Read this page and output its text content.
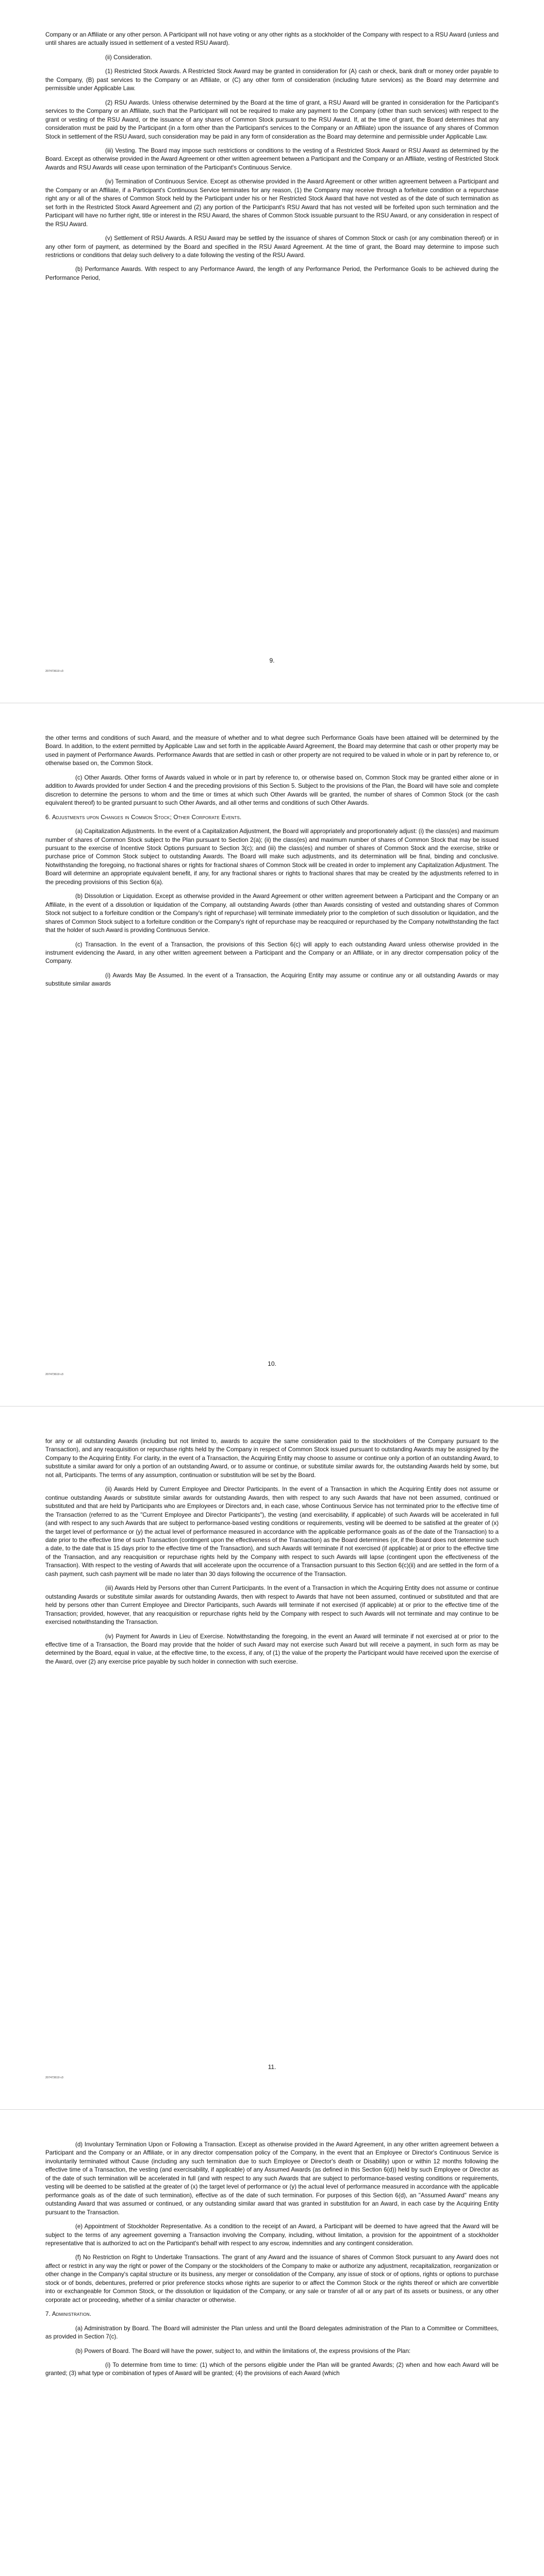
Company or an Affiliate or any other person. A Participant will not have voting or any other rights as a stockholder of the Company with respect to a RSU Award (unless and until shares are actually issued in settlement of a vested RSU Award).

(ii) Consideration.

(1) Restricted Stock Awards. A Restricted Stock Award may be granted in consideration for (A) cash or check, bank draft or money order payable to the Company, (B) past services to the Company or an Affiliate, or (C) any other form of consideration (including future services) as the Board may determine and permissible under Applicable Law.

(2) RSU Awards. Unless otherwise determined by the Board at the time of grant, a RSU Award will be granted in consideration for the Participant's services to the Company or an Affiliate, such that the Participant will not be required to make any payment to the Company (other than such services) with respect to the grant or vesting of the RSU Award, or the issuance of any shares of Common Stock pursuant to the RSU Award. If, at the time of grant, the Board determines that any consideration must be paid by the Participant (in a form other than the Participant's services to the Company or an Affiliate) upon the issuance of any shares of Common Stock in settlement of the RSU Award, such consideration may be paid in any form of consideration as the Board may determine and permissible under Applicable Law.

(iii) Vesting. The Board may impose such restrictions or conditions to the vesting of a Restricted Stock Award or RSU Award as determined by the Board. Except as otherwise provided in the Award Agreement or other written agreement between a Participant and the Company or an Affiliate, vesting of Restricted Stock Awards and RSU Awards will cease upon termination of the Participant's Continuous Service.

(iv) Termination of Continuous Service. Except as otherwise provided in the Award Agreement or other written agreement between a Participant and the Company or an Affiliate, if a Participant's Continuous Service terminates for any reason, (1) the Company may receive through a forfeiture condition or a repurchase right any or all of the shares of Common Stock held by the Participant under his or her Restricted Stock Award that have not vested as of the date of such termination as set forth in the Restricted Stock Award Agreement and (2) any portion of the Participant's RSU Award that has not vested will be forfeited upon such termination and the Participant will have no further right, title or interest in the RSU Award, the shares of Common Stock issuable pursuant to the RSU Award, or any consideration in respect of the RSU Award.

(v) Settlement of RSU Awards. A RSU Award may be settled by the issuance of shares of Common Stock or cash (or any combination thereof) or in any other form of payment, as determined by the Board and specified in the RSU Award Agreement. At the time of grant, the Board may determine to impose such restrictions or conditions that delay such delivery to a date following the vesting of the RSU Award.

(b) Performance Awards. With respect to any Performance Award, the length of any Performance Period, the Performance Goals to be achieved during the Performance Period,

9.
207473619 v3

the other terms and conditions of such Award, and the measure of whether and to what degree such Performance Goals have been attained will be determined by the Board. In addition, to the extent permitted by Applicable Law and set forth in the applicable Award Agreement, the Board may determine that cash or other property may be used in payment of Performance Awards. Performance Awards that are settled in cash or other property are not required to be valued in whole or in part by reference to, or otherwise based on, the Common Stock.

(c) Other Awards. Other forms of Awards valued in whole or in part by reference to, or otherwise based on, Common Stock may be granted either alone or in addition to Awards provided for under Section 4 and the preceding provisions of this Section 5. Subject to the provisions of the Plan, the Board will have sole and complete discretion to determine the persons to whom and the time or times at which such Other Awards will be granted, the number of shares of Common Stock (or the cash equivalent thereof) to be granted pursuant to such Other Awards, and all other terms and conditions of such Other Awards.

6. Adjustments upon Changes in Common Stock; Other Corporate Events.

(a) Capitalization Adjustments. In the event of a Capitalization Adjustment, the Board will appropriately and proportionately adjust: (i) the class(es) and maximum number of shares of Common Stock subject to the Plan pursuant to Section 2(a); (ii) the class(es) and maximum number of shares of Common Stock that may be issued pursuant to the exercise of Incentive Stock Options pursuant to Section 3(c); and (iii) the class(es) and number of shares of Common Stock and the exercise, strike or purchase price of Common Stock subject to outstanding Awards. The Board will make such adjustments, and its determination will be final, binding and conclusive. Notwithstanding the foregoing, no fractional shares or rights for fractional shares of Common Stock will be created in order to implement any Capitalization Adjustment. The Board will determine an appropriate equivalent benefit, if any, for any fractional shares or rights to fractional shares that may be created by the adjustments referred to in the preceding provisions of this Section 6(a).

(b) Dissolution or Liquidation. Except as otherwise provided in the Award Agreement or other written agreement between a Participant and the Company or an Affiliate, in the event of a dissolution or liquidation of the Company, all outstanding Awards (other than Awards consisting of vested and outstanding shares of Common Stock not subject to a forfeiture condition or the Company's right of repurchase) will terminate immediately prior to the completion of such dissolution or liquidation, and the shares of Common Stock subject to a forfeiture condition or the Company's right of repurchase may be reacquired or repurchased by the Company notwithstanding the fact that the holder of such Award is providing Continuous Service.

(c) Transaction. In the event of a Transaction, the provisions of this Section 6(c) will apply to each outstanding Award unless otherwise provided in the instrument evidencing the Award, in any other written agreement between a Participant and the Company or an Affiliate, or in any director compensation policy of the Company.

(i) Awards May Be Assumed. In the event of a Transaction, the Acquiring Entity may assume or continue any or all outstanding Awards or may substitute similar awards

10.
207473619 v3

for any or all outstanding Awards (including but not limited to, awards to acquire the same consideration paid to the stockholders of the Company pursuant to the Transaction), and any reacquisition or repurchase rights held by the Company in respect of Common Stock issued pursuant to outstanding Awards may be assigned by the Company to the Acquiring Entity. For clarity, in the event of a Transaction, the Acquiring Entity may choose to assume or continue only a portion of an outstanding Award, to substitute a similar award for only a portion of an outstanding Award, or to assume or continue, or substitute similar awards for, the outstanding Awards held by some, but not all, Participants. The terms of any assumption, continuation or substitution will be set by the Board.

(ii) Awards Held by Current Employee and Director Participants. In the event of a Transaction in which the Acquiring Entity does not assume or continue outstanding Awards or substitute similar awards for outstanding Awards, then with respect to any such Awards that have not been assumed, continued or substituted and that are held by Participants who are Employees or Directors and, in each case, whose Continuous Service has not terminated prior to the effective time of the Transaction (referred to as the "Current Employee and Director Participants"), the vesting (and exercisability, if applicable) of such Awards will be accelerated in full (and with respect to any such Awards that are subject to performance-based vesting conditions or requirements, vesting will be deemed to be satisfied at the greater of (x) the target level of performance or (y) the actual level of performance measured in accordance with the applicable performance goals as of the date of the Transaction) to a date prior to the effective time of such Transaction (contingent upon the effectiveness of the Transaction) as the Board determines (or, if the Board does not determine such a date, to the date that is 15 days prior to the effective time of the Transaction), and such Awards will terminate if not exercised (if applicable) at or prior to the effective time of the Transaction, and any reacquisition or repurchase rights held by the Company with respect to such Awards will lapse (contingent upon the effectiveness of the Transaction). With respect to the vesting of Awards that will accelerate upon the occurrence of a Transaction pursuant to this Section 6(c)(ii) and are settled in the form of a cash payment, such cash payment will be made no later than 30 days following the occurrence of the Transaction.

(iii) Awards Held by Persons other than Current Participants. In the event of a Transaction in which the Acquiring Entity does not assume or continue outstanding Awards or substitute similar awards for outstanding Awards, then with respect to Awards that have not been assumed, continued or substituted and that are held by persons other than Current Employee and Director Participants, such Awards will terminate if not exercised (if applicable) at or prior to the effective time of the Transaction; provided, however, that any reacquisition or repurchase rights held by the Company with respect to such Awards will not terminate and may continue to be exercised notwithstanding the Transaction.

(iv) Payment for Awards in Lieu of Exercise. Notwithstanding the foregoing, in the event an Award will terminate if not exercised at or prior to the effective time of a Transaction, the Board may provide that the holder of such Award may not exercise such Award but will receive a payment, in such form as may be determined by the Board, equal in value, at the effective time, to the excess, if any, of (1) the value of the property the Participant would have received upon the exercise of the Award, over (2) any exercise price payable by such holder in connection with such exercise.

11.
207473619 v3

(d) Involuntary Termination Upon or Following a Transaction. Except as otherwise provided in the Award Agreement, in any other written agreement between a Participant and the Company or an Affiliate, or in any director compensation policy of the Company, in the event that an Employee or Director's Continuous Service is involuntarily terminated without Cause (including any such termination due to such Employee or Director's death or Disability) upon or within 12 months following the effective time of a Transaction, the vesting (and exercisability, if applicable) of any Assumed Awards (as defined in this Section 6(d)) held by such Employee or Director as of the date of such termination will be accelerated in full (and with respect to any such Awards that are subject to performance-based vesting conditions or requirements, vesting will be deemed to be satisfied at the greater of (x) the target level of performance or (y) the actual level of performance measured in accordance with the applicable performance goals as of the date of such termination), effective as of the date of such termination. For purposes of this Section 6(d), an "Assumed Award" means any outstanding Award that was assumed or continued, or any outstanding similar award that was granted in substitution for an Award, in each case by the Acquiring Entity pursuant to the Transaction.

(e) Appointment of Stockholder Representative. As a condition to the receipt of an Award, a Participant will be deemed to have agreed that the Award will be subject to the terms of any agreement governing a Transaction involving the Company, including, without limitation, a provision for the appointment of a stockholder representative that is authorized to act on the Participant's behalf with respect to any escrow, indemnities and any contingent consideration.

(f) No Restriction on Right to Undertake Transactions. The grant of any Award and the issuance of shares of Common Stock pursuant to any Award does not affect or restrict in any way the right or power of the Company or the stockholders of the Company to make or authorize any adjustment, recapitalization, reorganization or other change in the Company's capital structure or its business, any merger or consolidation of the Company, any issue of stock or of options, rights or options to purchase stock or of bonds, debentures, preferred or prior preference stocks whose rights are superior to or affect the Common Stock or the rights thereof or which are convertible into or exchangeable for Common Stock, or the dissolution or liquidation of the Company, or any sale or transfer of all or any part of its assets or business, or any other corporate act or proceeding, whether of a similar character or otherwise.

7. Administration.

(a) Administration by Board. The Board will administer the Plan unless and until the Board delegates administration of the Plan to a Committee or Committees, as provided in Section 7(c).

(b) Powers of Board. The Board will have the power, subject to, and within the limitations of, the express provisions of the Plan:

(i) To determine from time to time: (1) which of the persons eligible under the Plan will be granted Awards; (2) when and how each Award will be granted; (3) what type or combination of types of Award will be granted; (4) the provisions of each Award (which
